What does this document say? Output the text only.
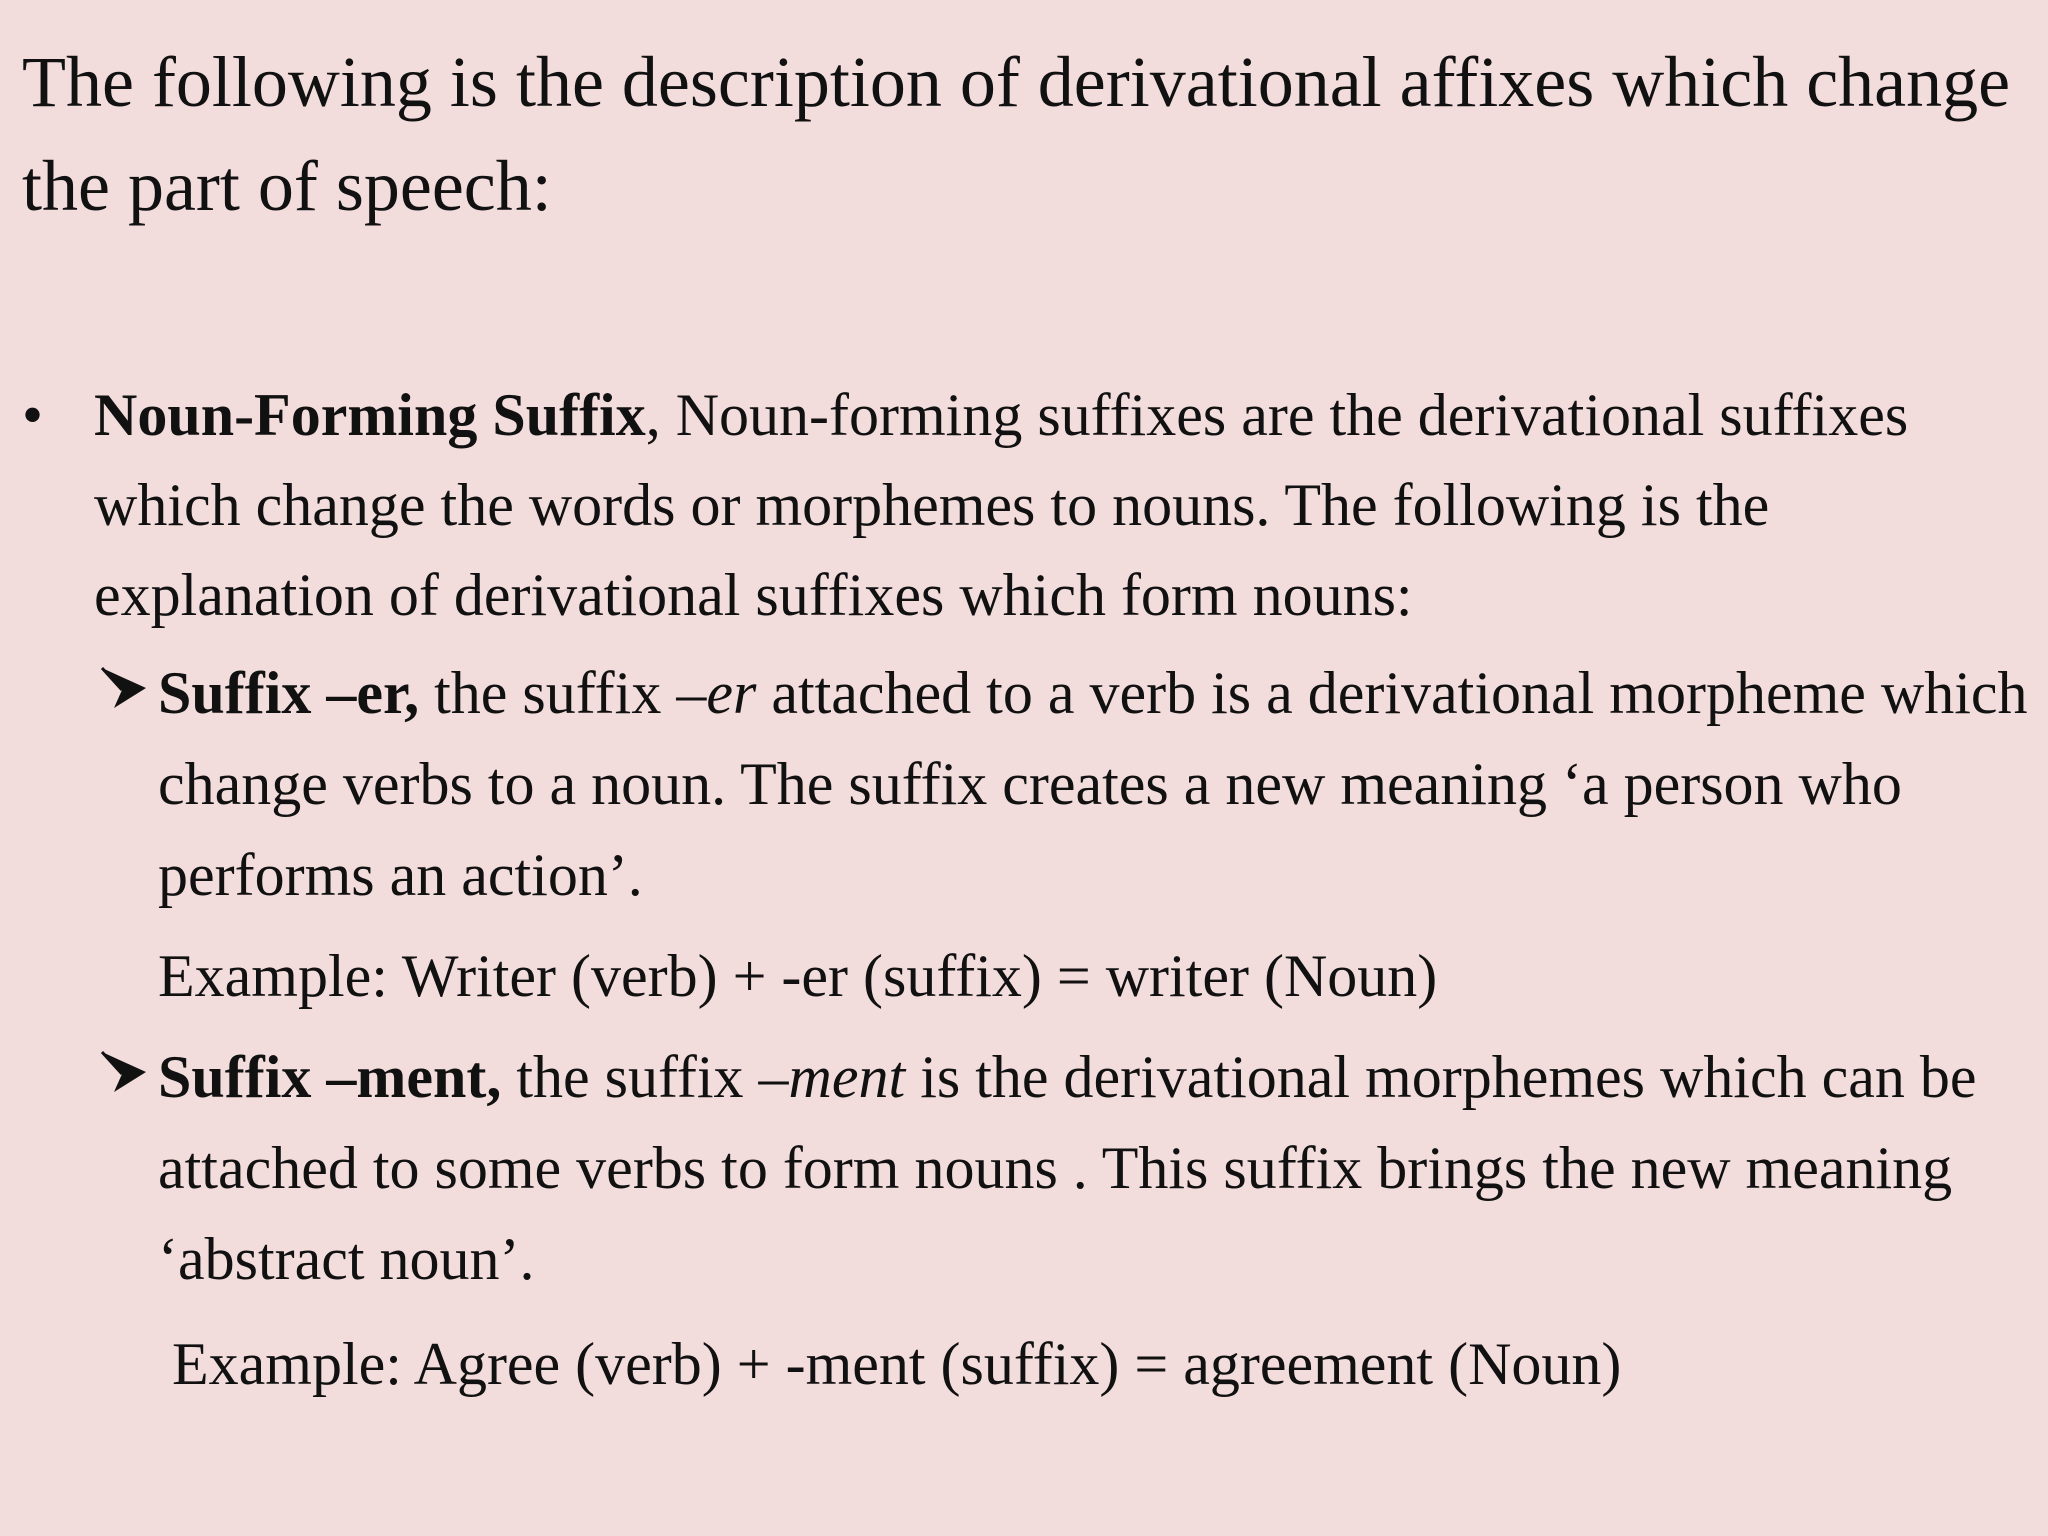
The following is the description of derivational affixes which change the part of speech:

• Noun-Forming Suffix, Noun-forming suffixes are the derivational suffixes which change the words or morphemes to nouns. The following is the explanation of derivational suffixes which form nouns:
Suffix –er, the suffix –er attached to a verb is a derivational morpheme which change verbs to a noun. The suffix creates a new meaning ‘a person who performs an action’.
Example: Writer (verb) + -er (suffix) = writer (Noun)
Suffix –ment, the suffix –ment is the derivational morphemes which can be attached to some verbs to form nouns . This suffix brings the new meaning ‘abstract noun’.
Example: Agree (verb) + -ment (suffix) = agreement (Noun)
